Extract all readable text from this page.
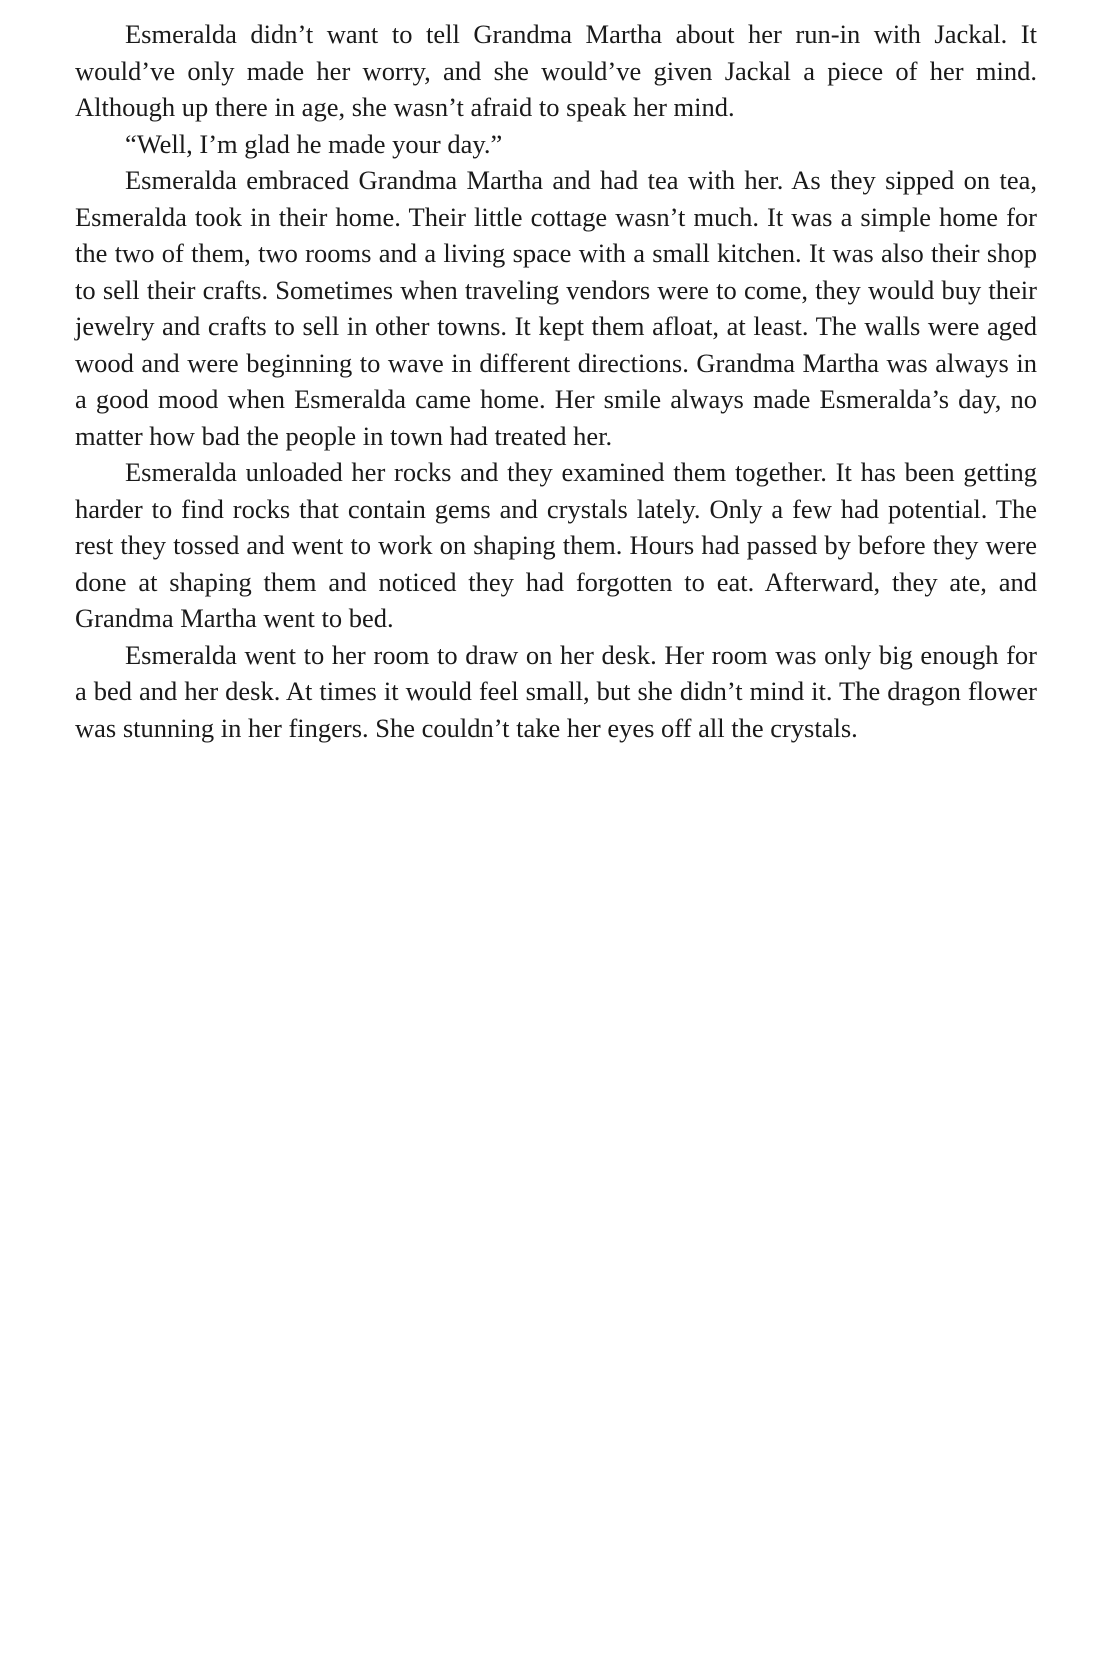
Esmeralda didn’t want to tell Grandma Martha about her run-in with Jackal. It would’ve only made her worry, and she would’ve given Jackal a piece of her mind. Although up there in age, she wasn’t afraid to speak her mind.

“Well, I’m glad he made your day.”

Esmeralda embraced Grandma Martha and had tea with her. As they sipped on tea, Esmeralda took in their home. Their little cottage wasn’t much. It was a simple home for the two of them, two rooms and a living space with a small kitchen. It was also their shop to sell their crafts. Sometimes when traveling vendors were to come, they would buy their jewelry and crafts to sell in other towns. It kept them afloat, at least. The walls were aged wood and were beginning to wave in different directions. Grandma Martha was always in a good mood when Esmeralda came home. Her smile always made Esmeralda’s day, no matter how bad the people in town had treated her.

Esmeralda unloaded her rocks and they examined them together. It has been getting harder to find rocks that contain gems and crystals lately. Only a few had potential. The rest they tossed and went to work on shaping them. Hours had passed by before they were done at shaping them and noticed they had forgotten to eat. Afterward, they ate, and Grandma Martha went to bed.

Esmeralda went to her room to draw on her desk. Her room was only big enough for a bed and her desk. At times it would feel small, but she didn’t mind it. The dragon flower was stunning in her fingers. She couldn’t take her eyes off all the crystals.
